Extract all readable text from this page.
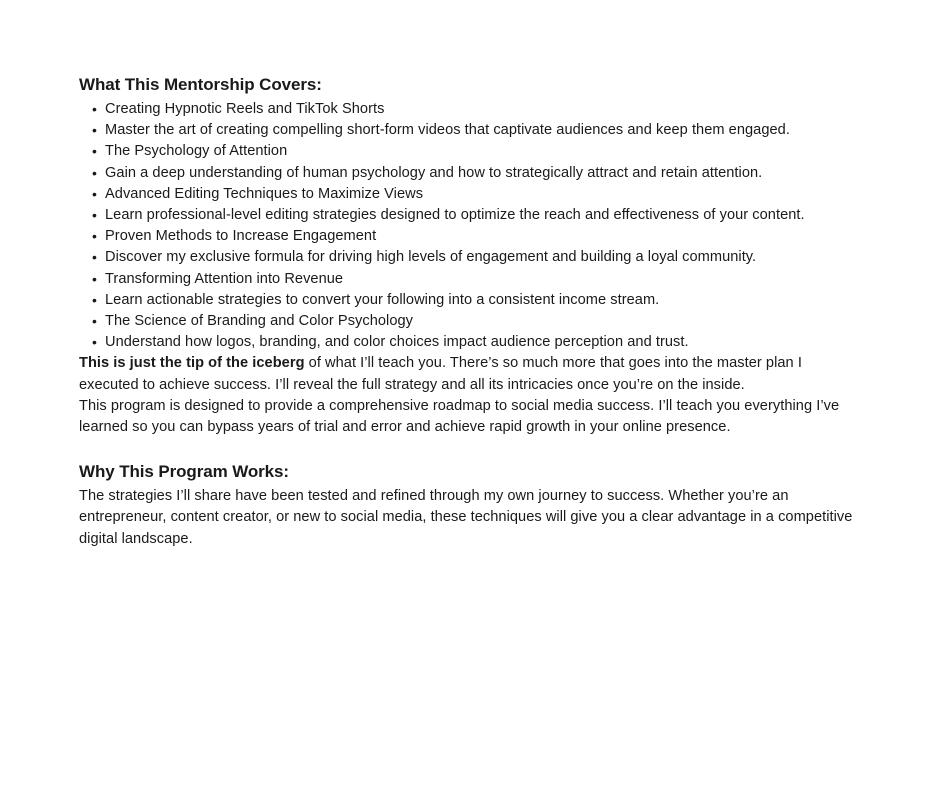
What This Mentorship Covers:
• Creating Hypnotic Reels and TikTok Shorts
• Master the art of creating compelling short-form videos that captivate audiences and keep them engaged.
• The Psychology of Attention
• Gain a deep understanding of human psychology and how to strategically attract and retain attention.
• Advanced Editing Techniques to Maximize Views
• Learn professional-level editing strategies designed to optimize the reach and effectiveness of your content.
• Proven Methods to Increase Engagement
• Discover my exclusive formula for driving high levels of engagement and building a loyal community.
• Transforming Attention into Revenue
• Learn actionable strategies to convert your following into a consistent income stream.
• The Science of Branding and Color Psychology
• Understand how logos, branding, and color choices impact audience perception and trust.

This is just the tip of the iceberg of what I’ll teach you. There’s so much more that goes into the master plan I executed to achieve success. I’ll reveal the full strategy and all its intricacies once you’re on the inside.

This program is designed to provide a comprehensive roadmap to social media success. I’ll teach you everything I’ve learned so you can bypass years of trial and error and achieve rapid growth in your online presence.

Why This Program Works:

The strategies I’ll share have been tested and refined through my own journey to success. Whether you’re an entrepreneur, content creator, or new to social media, these techniques will give you a clear advantage in a competitive digital landscape.
